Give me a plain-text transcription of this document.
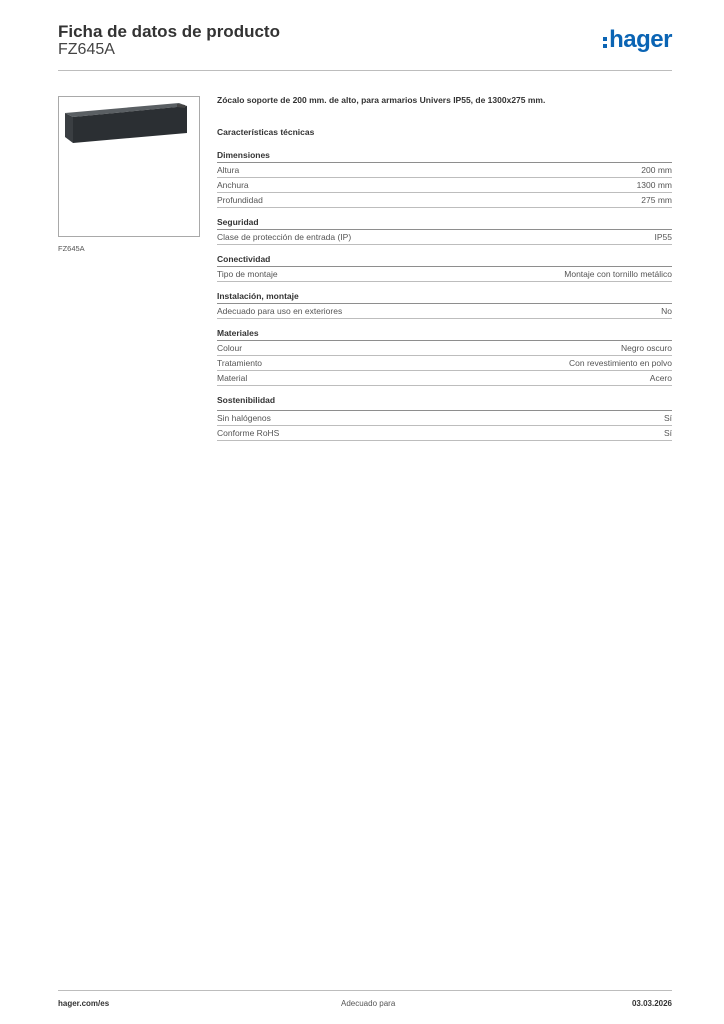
Ficha de datos de producto
FZ645A	hager
FZ645A
Zócalo soporte de 200 mm. de alto, para armarios Univers IP55, de 1300x275 mm.
Características técnicas
Dimensiones
Altura	200 mm
Anchura	1300 mm
Profundidad	275 mm
Seguridad
Clase de protección de entrada (IP)	IP55
Conectividad
Tipo de montaje	Montaje con tornillo metálico
Instalación, montaje
Adecuado para uso en exteriores	No
Materiales
Colour	Negro oscuro
Tratamiento	Con revestimiento en polvo
Material	Acero
Sostenibilidad
Sin halógenos	Sí
Conforme RoHS	Sí
hager.com/es	Adecuado para	03.03.2026
